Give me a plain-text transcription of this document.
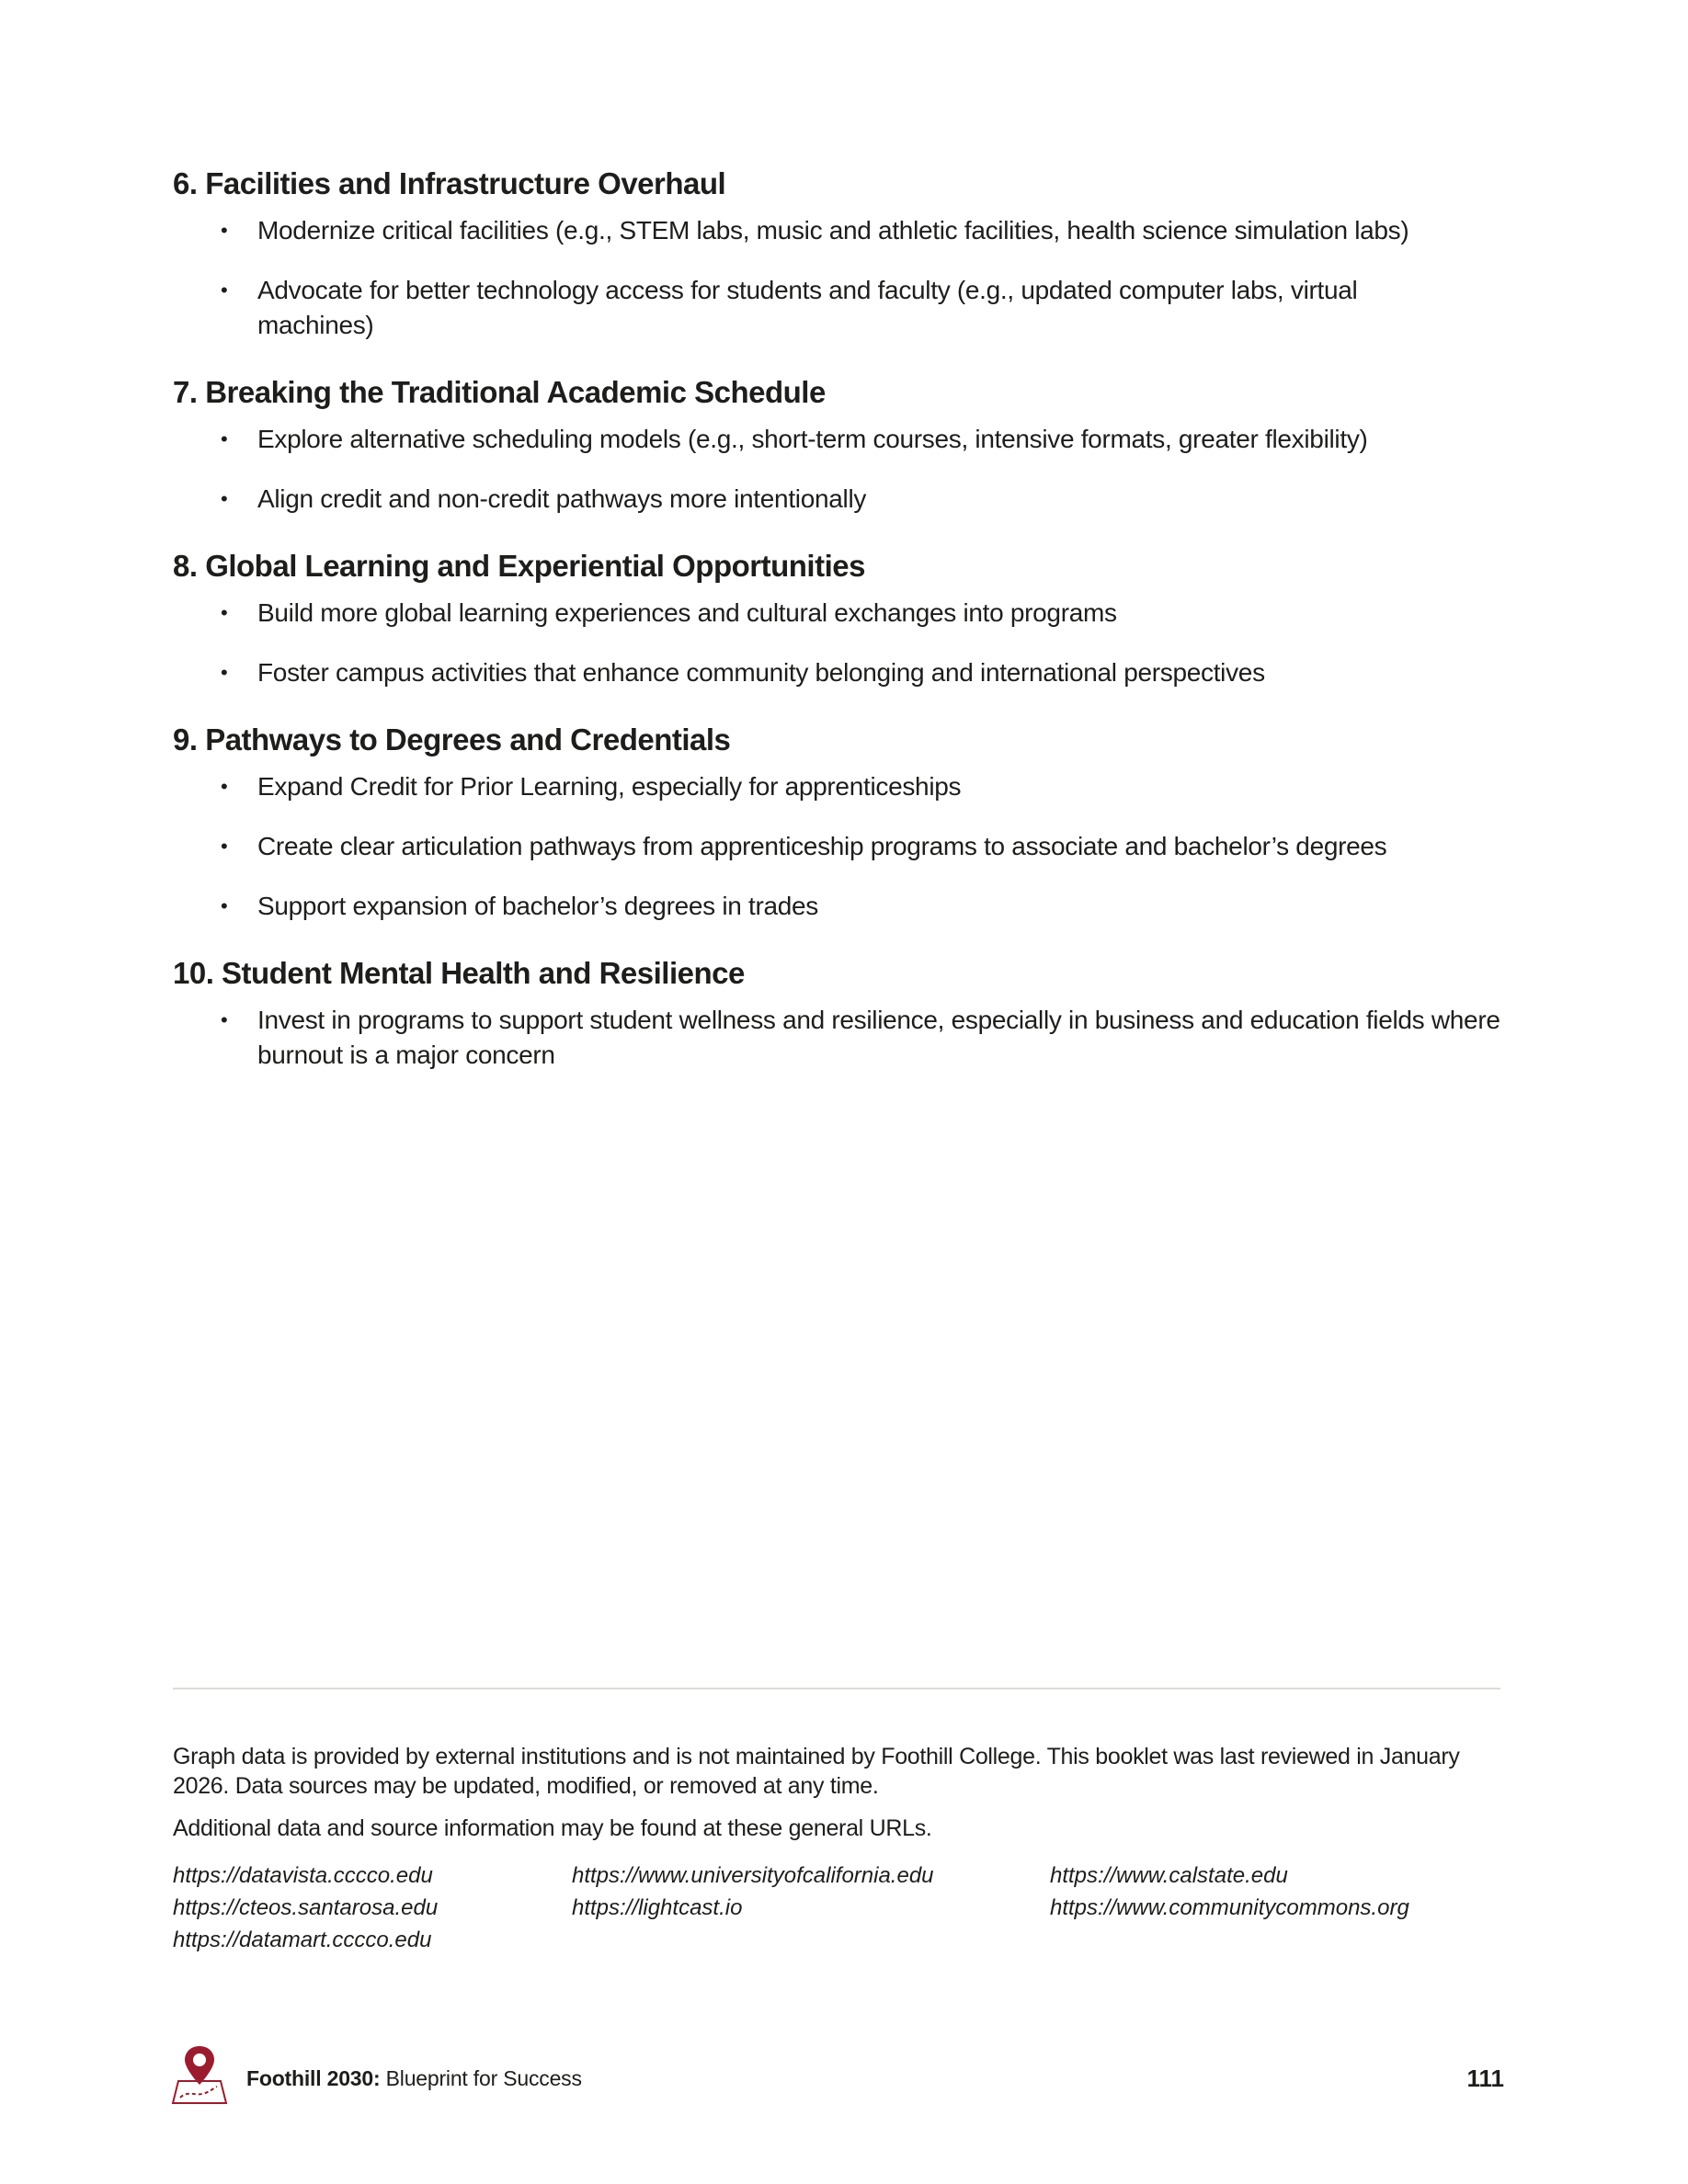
6. Facilities and Infrastructure Overhaul
• Modernize critical facilities (e.g., STEM labs, music and athletic facilities, health science simulation labs)
• Advocate for better technology access for students and faculty (e.g., updated computer labs, virtual machines)
7. Breaking the Traditional Academic Schedule
• Explore alternative scheduling models (e.g., short-term courses, intensive formats, greater flexibility)
• Align credit and non-credit pathways more intentionally
8. Global Learning and Experiential Opportunities
• Build more global learning experiences and cultural exchanges into programs
• Foster campus activities that enhance community belonging and international perspectives
9. Pathways to Degrees and Credentials
• Expand Credit for Prior Learning, especially for apprenticeships
• Create clear articulation pathways from apprenticeship programs to associate and bachelor’s degrees
• Support expansion of bachelor’s degrees in trades
10. Student Mental Health and Resilience
• Invest in programs to support student wellness and resilience, especially in business and education fields where burnout is a major concern

Graph data is provided by external institutions and is not maintained by Foothill College. This booklet was last reviewed in January 2026. Data sources may be updated, modified, or removed at any time.

Additional data and source information may be found at these general URLs.

https://datavista.cccco.edu
https://cteos.santarosa.edu
https://datamart.cccco.edu
https://www.universityofcalifornia.edu
https://lightcast.io
https://www.calstate.edu
https://www.communitycommons.org
Foothill 2030: Blueprint for Success	111
